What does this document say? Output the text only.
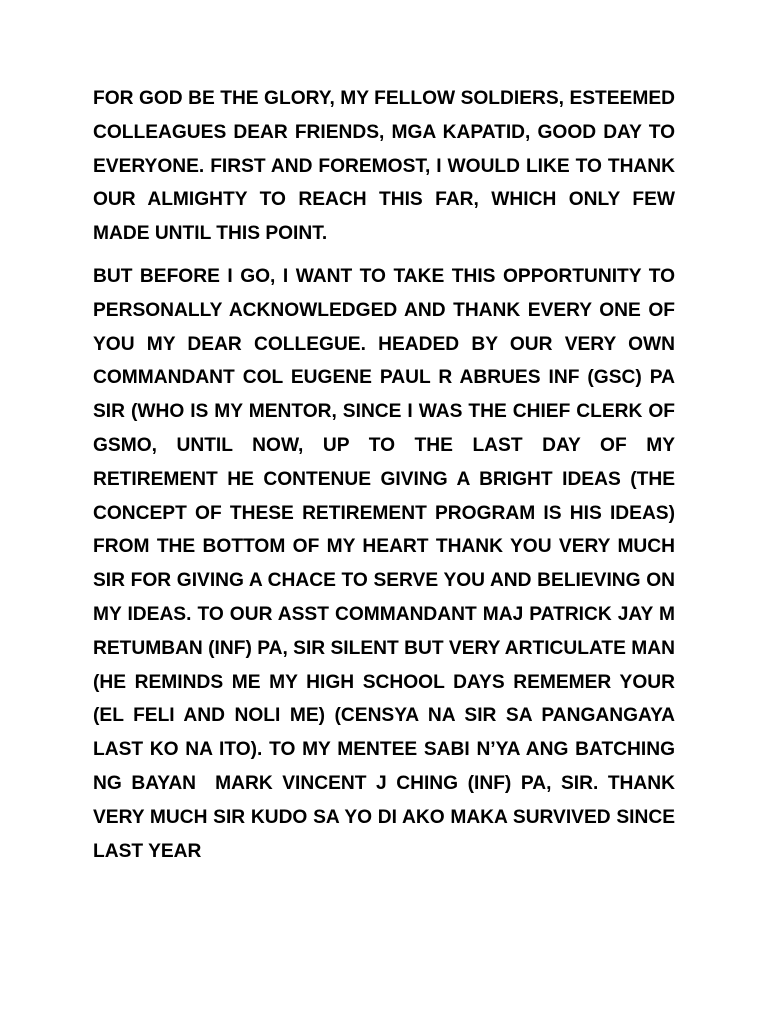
FOR GOD BE THE GLORY, MY FELLOW SOLDIERS, ESTEEMED COLLEAGUES DEAR FRIENDS, MGA KAPATID, GOOD DAY TO EVERYONE. FIRST AND FOREMOST, I WOULD LIKE TO THANK OUR ALMIGHTY TO REACH THIS FAR, WHICH ONLY FEW MADE UNTIL THIS POINT.

BUT BEFORE I GO, I WANT TO TAKE THIS OPPORTUNITY TO PERSONALLY ACKNOWLEDGED AND THANK EVERY ONE OF YOU MY DEAR COLLEGUE. HEADED BY OUR VERY OWN COMMANDANT COL EUGENE PAUL R ABRUES INF (GSC) PA SIR (WHO IS MY MENTOR, SINCE I WAS THE CHIEF CLERK OF GSMO, UNTIL NOW, UP TO THE LAST DAY OF MY RETIREMENT HE CONTENUE GIVING A BRIGHT IDEAS (THE CONCEPT OF THESE RETIREMENT PROGRAM IS HIS IDEAS) FROM THE BOTTOM OF MY HEART THANK YOU VERY MUCH SIR FOR GIVING A CHACE TO SERVE YOU AND BELIEVING ON MY IDEAS. TO OUR ASST COMMANDANT MAJ PATRICK JAY M RETUMBAN (INF) PA, SIR SILENT BUT VERY ARTICULATE MAN (HE REMINDS ME MY HIGH SCHOOL DAYS REMEMER YOUR (EL FELI AND NOLI ME) (CENSYA NA SIR SA PANGANGAYA LAST KO NA ITO). TO MY MENTEE SABI N’YA ANG BATCHING NG BAYAN  MARK VINCENT J CHING (INF) PA, SIR. THANK VERY MUCH SIR KUDO SA YO DI AKO MAKA SURVIVED SINCE  LAST YEAR
